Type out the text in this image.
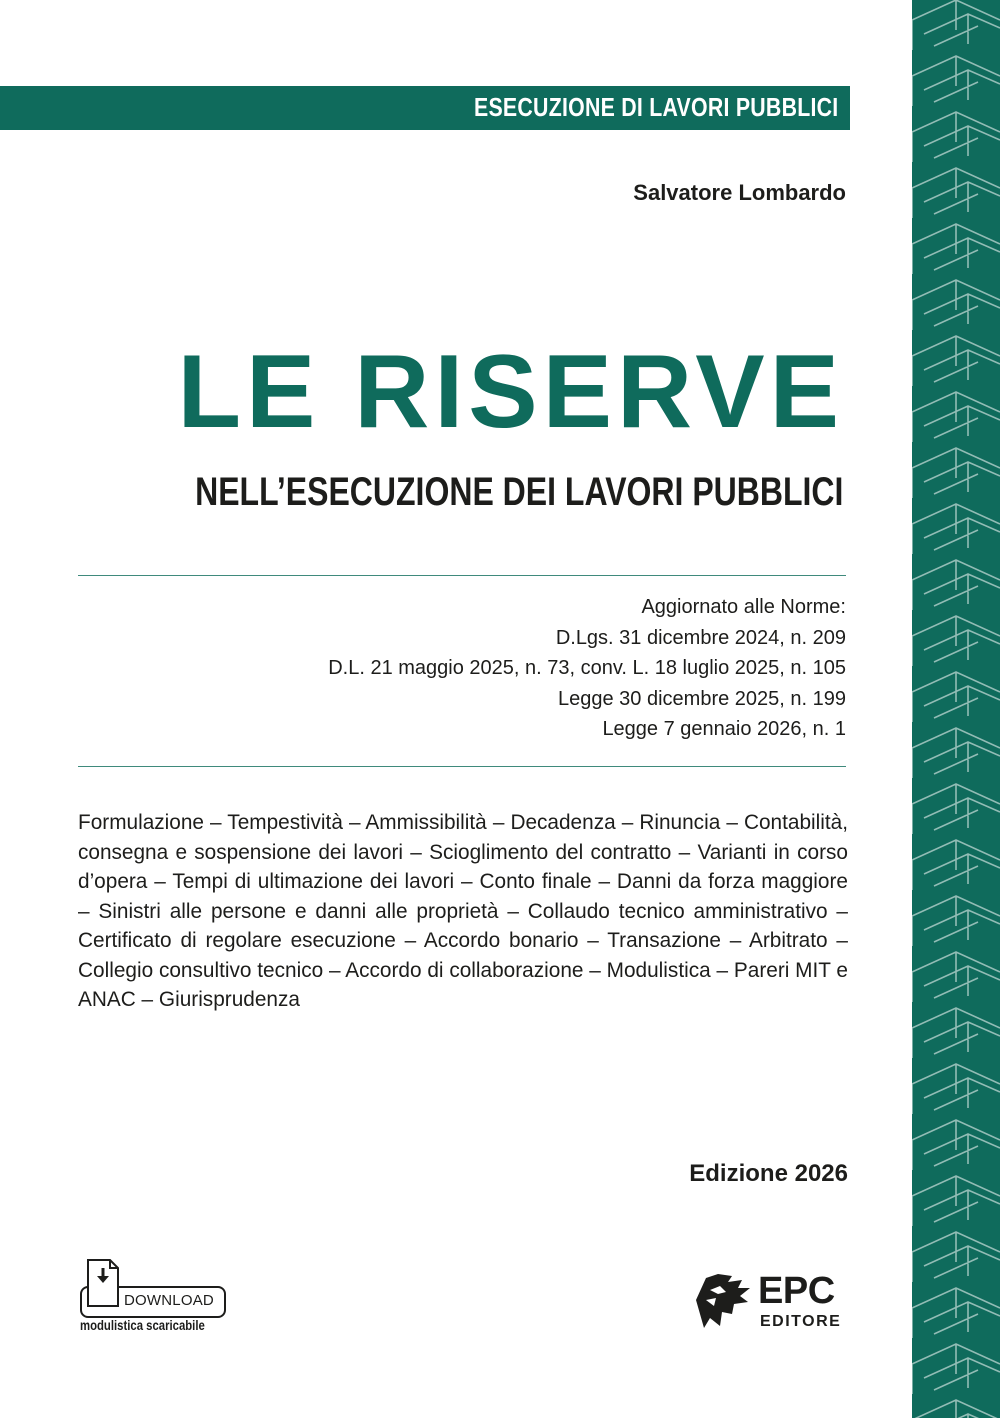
ESECUZIONE DI LAVORI PUBBLICI
Salvatore Lombardo
LE RISERVE
NELL’ESECUZIONE DEI LAVORI PUBBLICI
Aggiornato alle Norme:
D.Lgs. 31 dicembre 2024, n. 209
D.L. 21 maggio 2025, n. 73, conv. L. 18 luglio 2025, n. 105
Legge 30 dicembre 2025, n. 199
Legge 7 gennaio 2026, n. 1
Formulazione – Tempestività – Ammissibilità – Decadenza – Rinuncia – Contabilità, consegna e sospensione dei lavori – Scioglimento del contratto – Varianti in corso d’opera – Tempi di ultimazione dei lavori – Conto finale – Danni da forza maggiore – Sinistri alle persone e danni alle proprietà – Collaudo tecnico amministrativo – Certificato di regolare esecuzione – Accordo bonario – Transazione – Arbitrato – Collegio consultivo tecnico – Accordo di collaborazione – Modulistica – Pareri MIT e ANAC – Giurisprudenza
Edizione 2026
DOWNLOAD
modulistica scaricabile
EPC
EDITORE
